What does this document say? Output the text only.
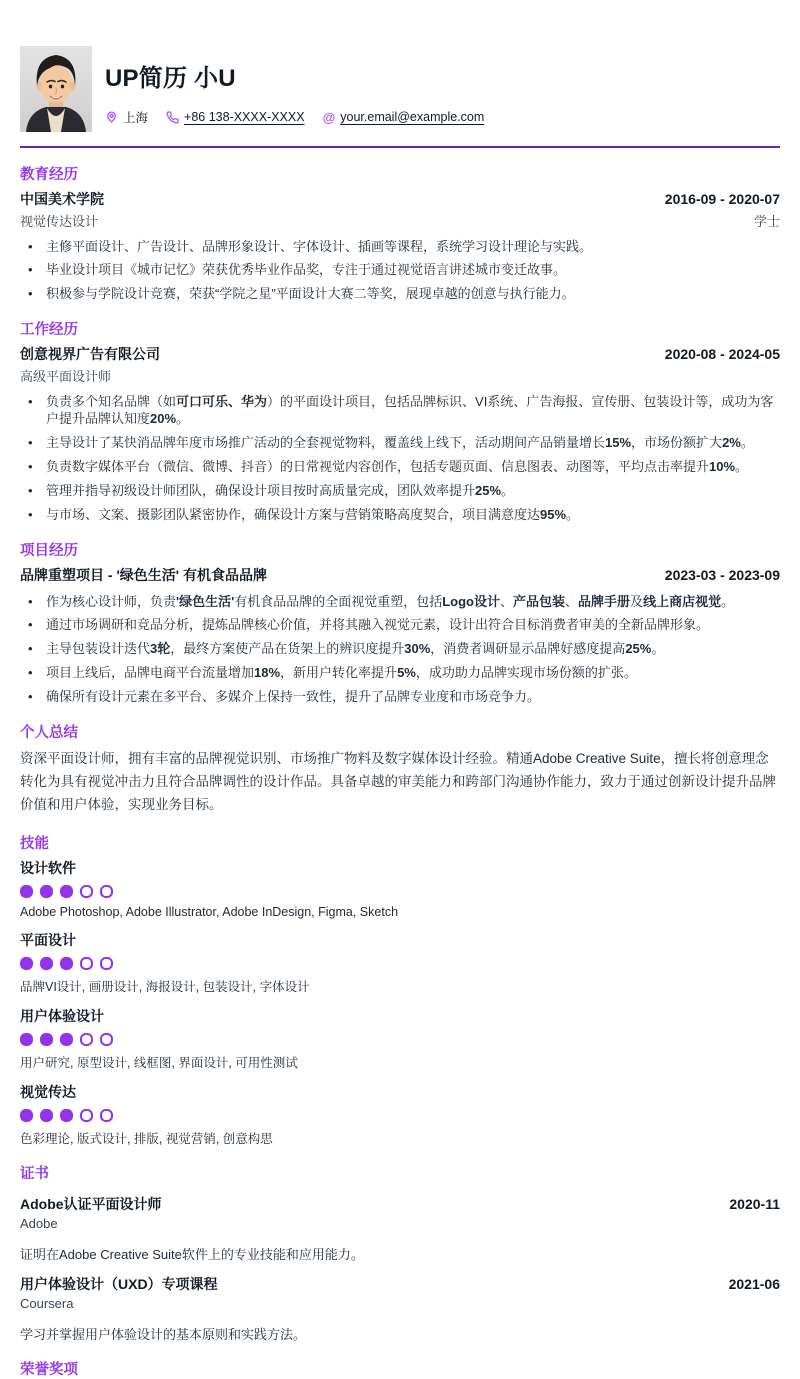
UP简历 小U
上海	+86 138-XXXX-XXXX @ your.email@example.com
教育经历
中国美术学院	2016-09 - 2020-07
视觉传达设计	学士
• 主修平面设计、广告设计、品牌形象设计、字体设计、插画等课程，系统学习设计理论与实践。
• 毕业设计项目《城市记忆》荣获优秀毕业作品奖，专注于通过视觉语言讲述城市变迁故事。
• 积极参与学院设计竞赛，荣获“学院之星”平面设计大赛二等奖，展现卓越的创意与执行能力。
工作经历
创意视界广告有限公司	2020-08 - 2024-05
高级平面设计师
• 负责多个知名品牌（如可口可乐、华为）的平面设计项目，包括品牌标识、VI系统、广告海报、宣传册、包装设计等，成功为客户提升品牌认知度20%。
• 主导设计了某快消品牌年度市场推广活动的全套视觉物料，覆盖线上线下，活动期间产品销量增长15%，市场份额扩大2%。
• 负责数字媒体平台（微信、微博、抖音）的日常视觉内容创作，包括专题页面、信息图表、动图等，平均点击率提升10%。
• 管理并指导初级设计师团队，确保设计项目按时高质量完成，团队效率提升25%。
• 与市场、文案、摄影团队紧密协作，确保设计方案与营销策略高度契合，项目满意度达95%。
项目经历
品牌重塑项目 - '绿色生活' 有机食品品牌	2023-03 - 2023-09
• 作为核心设计师，负责'绿色生活'有机食品品牌的全面视觉重塑，包括Logo设计、产品包装、品牌手册及线上商店视觉。
• 通过市场调研和竞品分析，提炼品牌核心价值，并将其融入视觉元素，设计出符合目标消费者审美的全新品牌形象。
• 主导包装设计迭代3轮，最终方案使产品在货架上的辨识度提升30%，消费者调研显示品牌好感度提高25%。
• 项目上线后，品牌电商平台流量增加18%，新用户转化率提升5%，成功助力品牌实现市场份额的扩张。
• 确保所有设计元素在多平台、多媒介上保持一致性，提升了品牌专业度和市场竞争力。
个人总结
资深平面设计师，拥有丰富的品牌视觉识别、市场推广物料及数字媒体设计经验。精通Adobe Creative Suite，擅长将创意理念转化为具有视觉冲击力且符合品牌调性的设计作品。具备卓越的审美能力和跨部门沟通协作能力，致力于通过创新设计提升品牌价值和用户体验，实现业务目标。
技能
设计软件
Adobe Photoshop, Adobe Illustrator, Adobe InDesign, Figma, Sketch
平面设计
品牌VI设计, 画册设计, 海报设计, 包装设计, 字体设计
用户体验设计
用户研究, 原型设计, 线框图, 界面设计, 可用性测试
视觉传达
色彩理论, 版式设计, 排版, 视觉营销, 创意构思
证书
Adobe认证平面设计师	2020-11
Adobe
证明在Adobe Creative Suite软件上的专业技能和应用能力。
用户体验设计（UXD）专项课程	2021-06
Coursera
学习并掌握用户体验设计的基本原则和实践方法。
荣誉奖项
